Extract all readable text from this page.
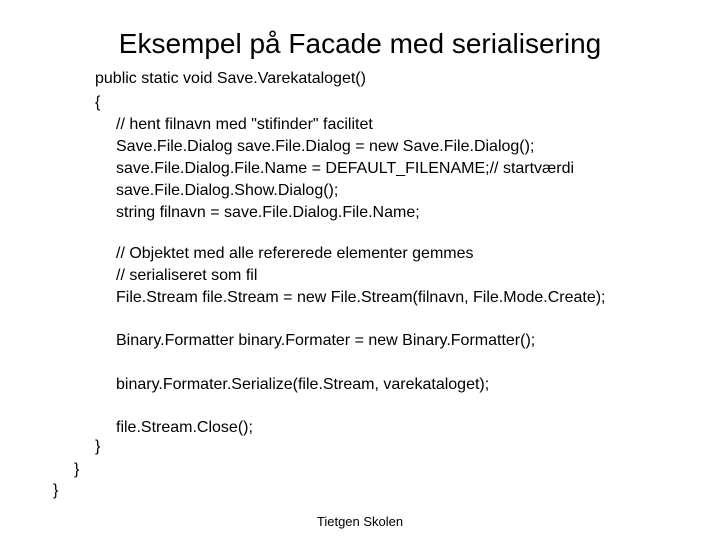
Eksempel på Facade med serialisering
public static void Save.Varekataloget()
{
// hent filnavn med "stifinder" facilitet
Save.File.Dialog save.File.Dialog = new Save.File.Dialog();
save.File.Dialog.File.Name = DEFAULT_FILENAME;// startværdi
save.File.Dialog.Show.Dialog();
string filnavn = save.File.Dialog.File.Name;
// Objektet med alle refererede elementer gemmes
// serialiseret som fil
File.Stream file.Stream = new File.Stream(filnavn, File.Mode.Create);
Binary.Formatter binary.Formater = new Binary.Formatter();
binary.Formater.Serialize(file.Stream, varekataloget);
file.Stream.Close();
}
}
}
Tietgen Skolen
